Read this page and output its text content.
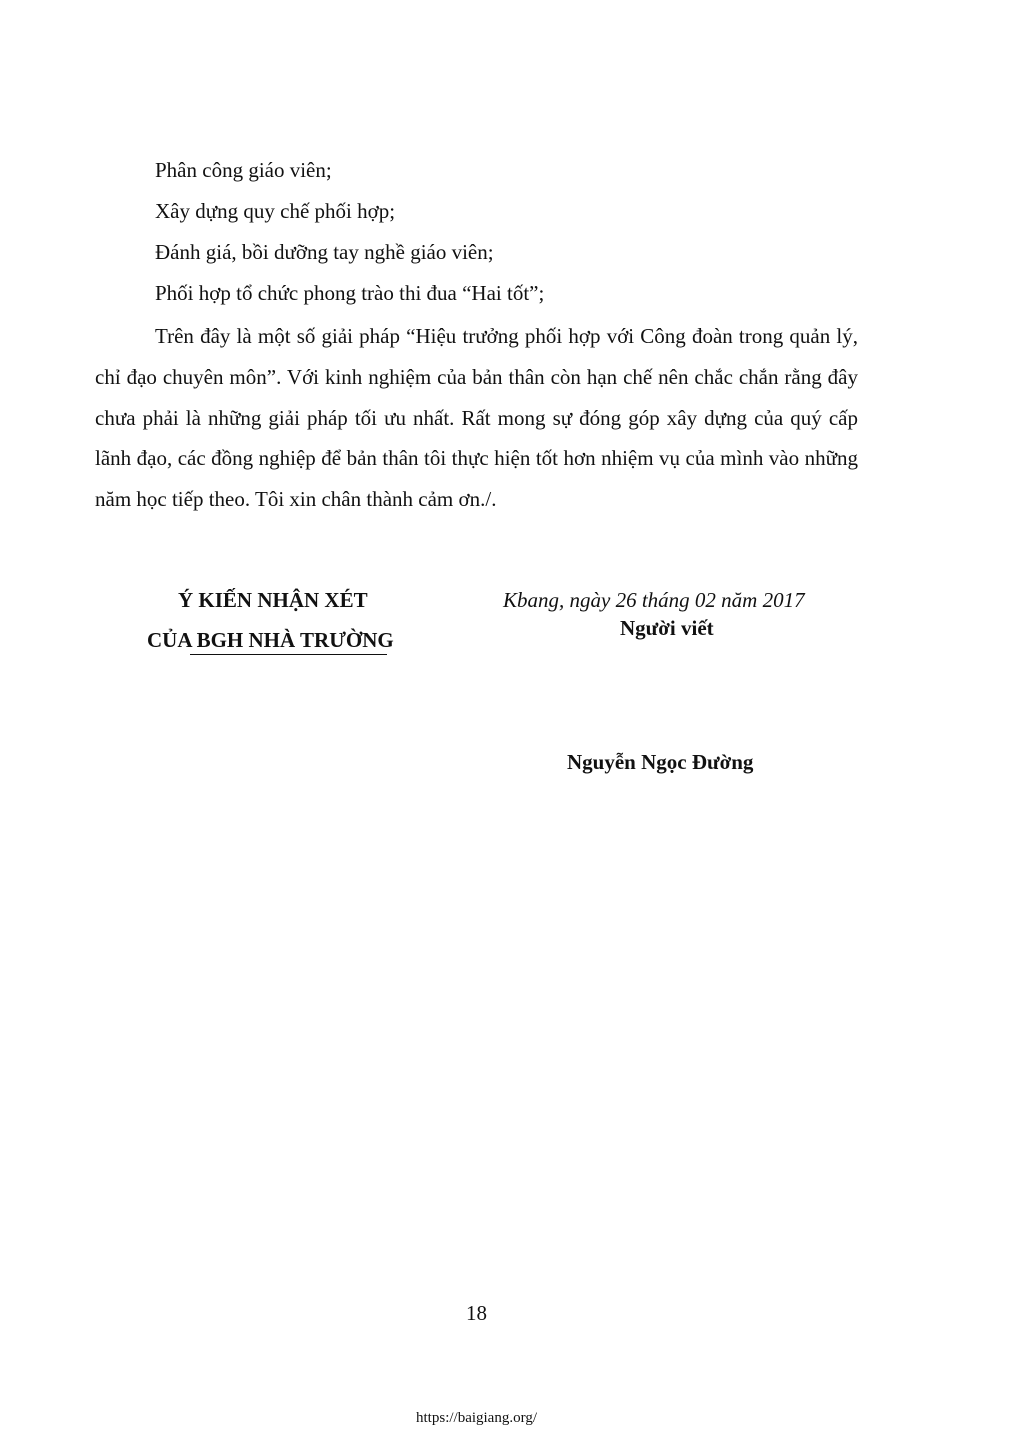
Phân công giáo viên;
Xây dựng quy chế phối hợp;
Đánh giá, bồi dưỡng tay nghề giáo viên;
Phối hợp tổ chức phong trào thi đua “Hai tốt”;
Trên đây là một số giải pháp “Hiệu trưởng phối hợp với Công đoàn trong quản lý, chỉ đạo chuyên môn”. Với kinh nghiệm của bản thân còn hạn chế nên chắc chắn rằng đây chưa phải là những giải pháp tối ưu nhất. Rất mong sự đóng góp xây dựng của quý cấp lãnh đạo, các đồng nghiệp để bản thân tôi thực hiện tốt hơn nhiệm vụ của mình vào những năm học tiếp theo. Tôi xin chân thành cảm ơn./.
Ý KIẾN NHẬN XÉT
CỦA BGH NHÀ TRƯỜNG
Kbang, ngày 26 tháng 02 năm 2017
Người viết
Nguyễn Ngọc Đường
18
https://baigiang.org/
